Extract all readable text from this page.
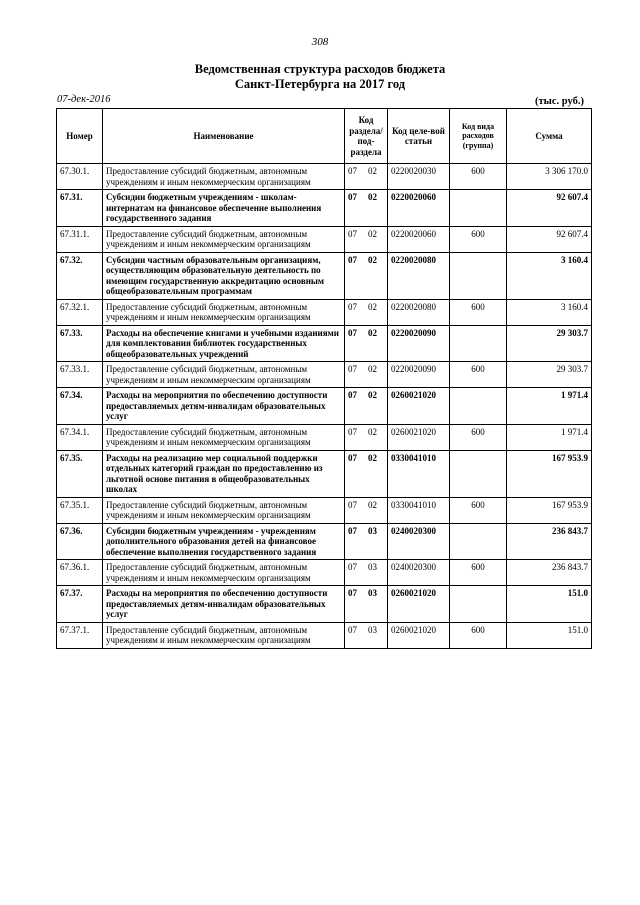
308
Ведомственная структура расходов бюджета
Санкт-Петербурга на 2017 год
07-дек-2016	(тыс. руб.)
Номер	Наименование	Код раздела/ под-раздела	Код целе-вой статьи	Код вида расходов (группа)	Сумма
67.30.1.	Предоставление субсидий бюджетным, автономным учреждениям и иным некоммерческим организациям	07 02	0220020030	600	3 306 170.0
67.31.	Субсидии бюджетным учреждениям - школам-интернатам на финансовое обеспечение выполнения государственного задания	07 02	0220020060		92 607.4
67.31.1.	Предоставление субсидий бюджетным, автономным учреждениям и иным некоммерческим организациям	07 02	0220020060	600	92 607.4
67.32.	Субсидии частным образовательным организациям, осуществляющим образовательную деятельность по имеющим государственную аккредитацию основным общеобразовательным программам	07 02	0220020080		3 160.4
67.32.1.	Предоставление субсидий бюджетным, автономным учреждениям и иным некоммерческим организациям	07 02	0220020080	600	3 160.4
67.33.	Расходы на обеспечение книгами и учебными изданиями для комплектования библиотек государственных общеобразовательных учреждений	07 02	0220020090		29 303.7
67.33.1.	Предоставление субсидий бюджетным, автономным учреждениям и иным некоммерческим организациям	07 02	0220020090	600	29 303.7
67.34.	Расходы на мероприятия по обеспечению доступности предоставляемых детям-инвалидам образовательных услуг	07 02	0260021020		1 971.4
67.34.1.	Предоставление субсидий бюджетным, автономным учреждениям и иным некоммерческим организациям	07 02	0260021020	600	1 971.4
67.35.	Расходы на реализацию мер социальной поддержки отдельных категорий граждан по предоставлению из льготной основе питания в общеобразовательных школах	07 02	0330041010		167 953.9
67.35.1.	Предоставление субсидий бюджетным, автономным учреждениям и иным некоммерческим организациям	07 02	0330041010	600	167 953.9
67.36.	Субсидии бюджетным учреждениям - учреждениям дополнительного образования детей на финансовое обеспечение выполнения государственного задания	07 03	0240020300		236 843.7
67.36.1.	Предоставление субсидий бюджетным, автономным учреждениям и иным некоммерческим организациям	07 03	0240020300	600	236 843.7
67.37.	Расходы на мероприятия по обеспечению доступности предоставляемых детям-инвалидам образовательных услуг	07 03	0260021020		151.0
67.37.1.	Предоставление субсидий бюджетным, автономным учреждениям и иным некоммерческим организациям	07 03	0260021020	600	151.0
